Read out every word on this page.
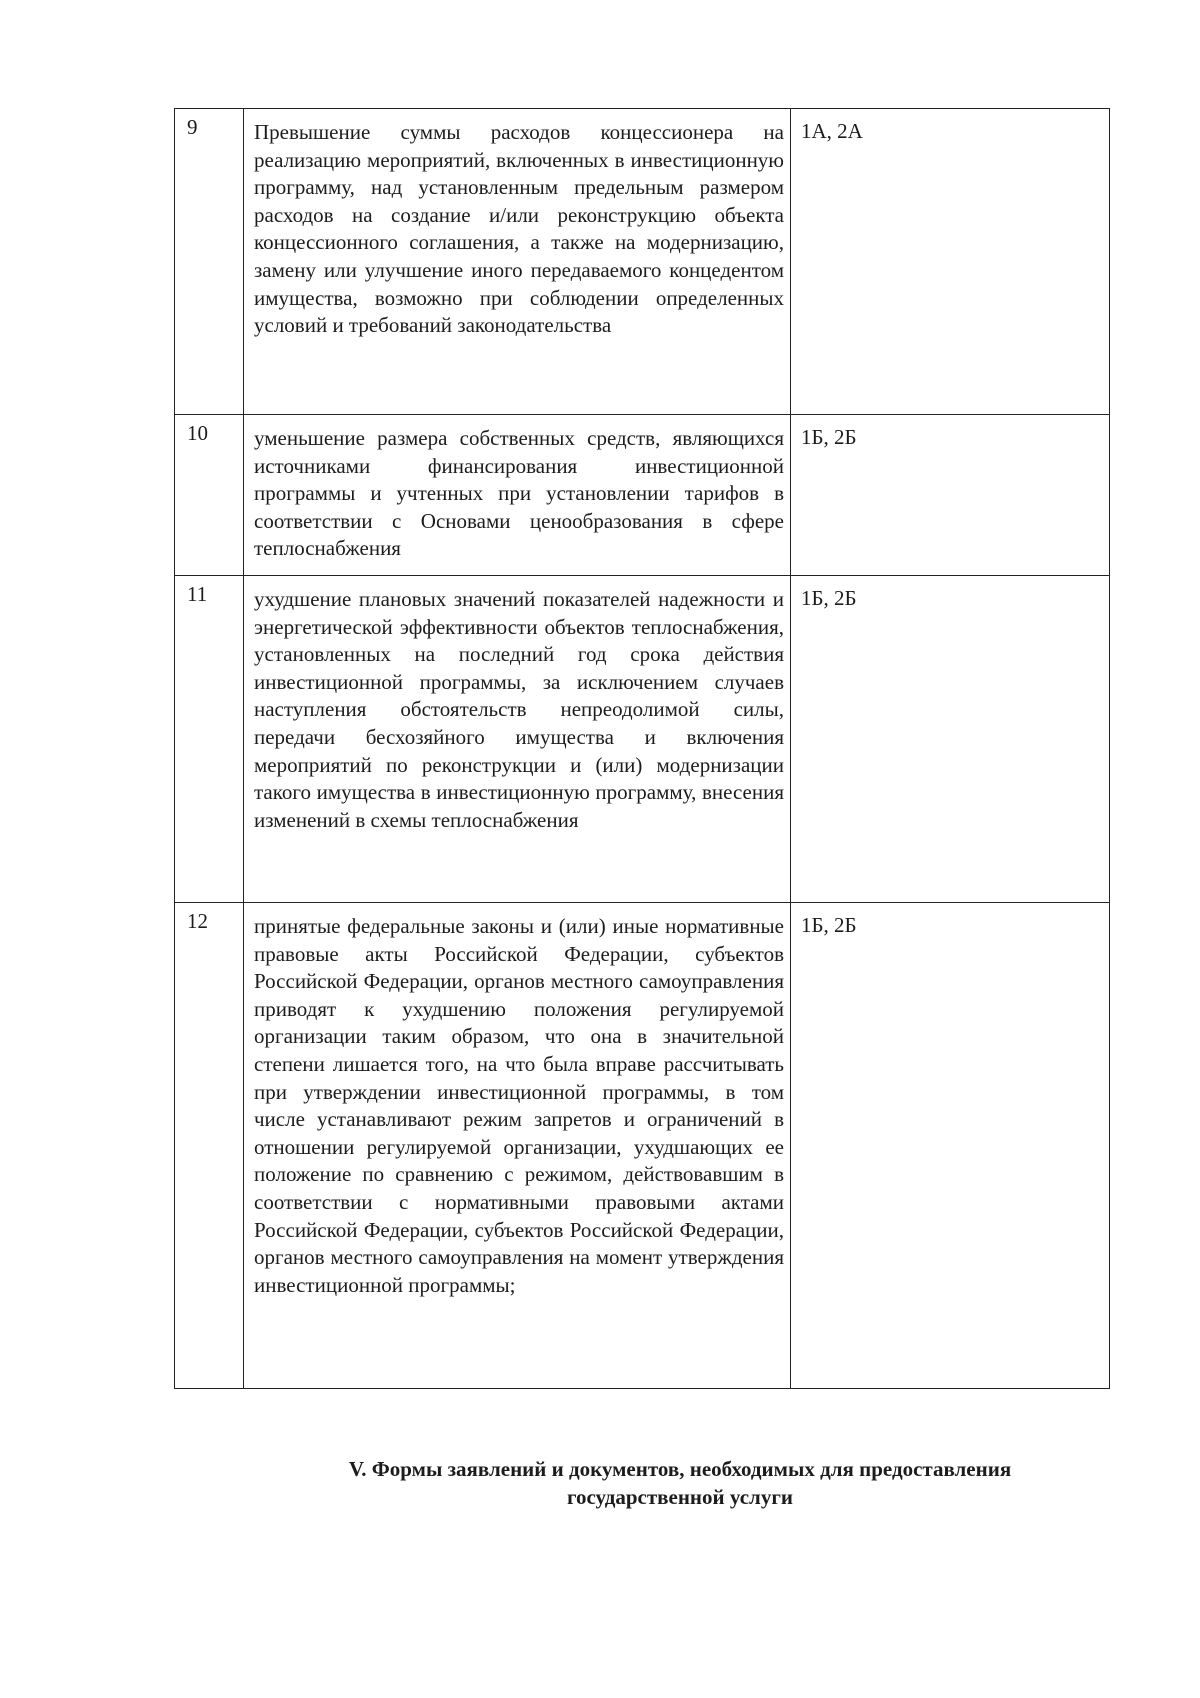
9	Превышение суммы расходов концессионера на реализацию мероприятий, включенных в инвестиционную программу, над установленным предельным размером расходов на создание и/или реконструкцию объекта концессионного соглашения, а также на модернизацию, замену или улучшение иного передаваемого концедентом имущества, возможно при соблюдении определенных условий и требований законодательства	1А, 2А
10	уменьшение размера собственных средств, являющихся источниками финансирования инвестиционной программы и учтенных при установлении тарифов в соответствии с Основами ценообразования в сфере теплоснабжения	1Б, 2Б
11	ухудшение плановых значений показателей надежности и энергетической эффективности объектов теплоснабжения, установленных на последний год срока действия инвестиционной программы, за исключением случаев наступления обстоятельств непреодолимой силы, передачи бесхозяйного имущества и включения мероприятий по реконструкции и (или) модернизации такого имущества в инвестиционную программу, внесения изменений в схемы теплоснабжения	1Б, 2Б
12	принятые федеральные законы и (или) иные нормативные правовые акты Российской Федерации, субъектов Российской Федерации, органов местного самоуправления приводят к ухудшению положения регулируемой организации таким образом, что она в значительной степени лишается того, на что была вправе рассчитывать при утверждении инвестиционной программы, в том числе устанавливают режим запретов и ограничений в отношении регулируемой организации, ухудшающих ее положение по сравнению с режимом, действовавшим в соответствии с нормативными правовыми актами Российской Федерации, субъектов Российской Федерации, органов местного самоуправления на момент утверждения инвестиционной программы;	1Б, 2Б
V. Формы заявлений и документов, необходимых для предоставления
государственной услуги
